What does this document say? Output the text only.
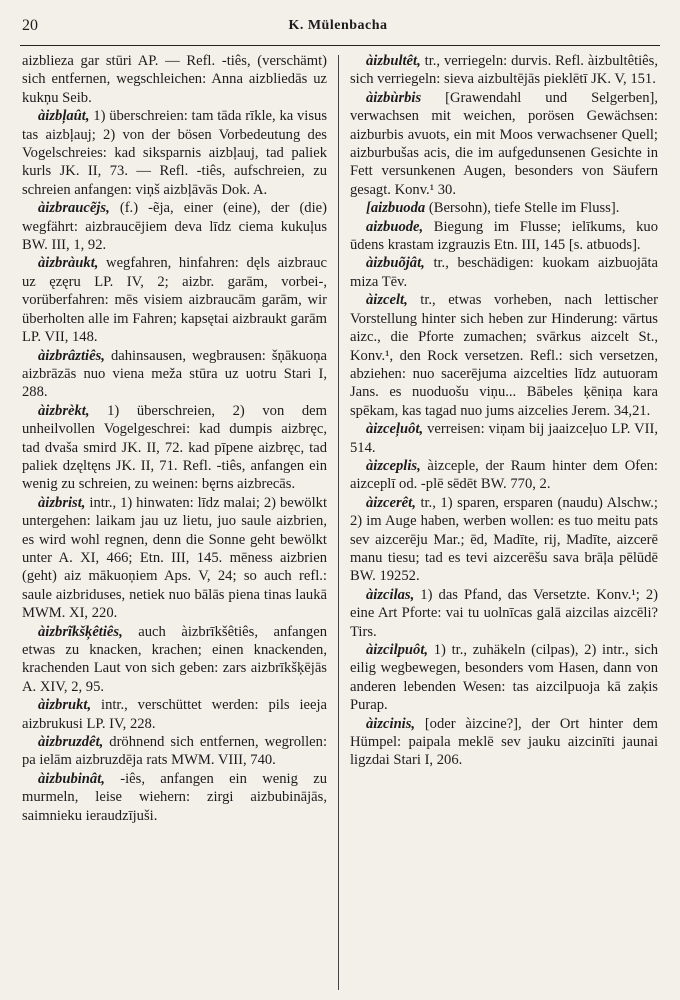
20	K. Mülenbacha

aizblieza gar stūri AP. — Refl. -tiês, (verschämt) sich entfernen, wegschleichen: Anna aizbliedās uz kukņu Seib.

àizbļaût, 1) überschreien: tam tāda rīkle, ka visus tas aizbļauj; 2) von der bösen Vorbedeutung des Vogelschreies: kad siksparnis aizbļauj, tad paliek kurls JK. II, 73. — Refl. -tiês, aufschreien, zu schreien anfangen: viņš aizbļāvās Dok. A.

àizbraucẽjs, (f.) -ẽja, einer (eine), der (die) wegfährt: aizbraucējiem deva līdz ciema kukuļus BW. III, 1, 92.

àizbràukt, wegfahren, hinfahren: dęls aizbrauc uz ęzęru LP. IV, 2; aizbr. garām, vorbei-, vorüberfahren: mēs visiem aizbraucām garām, wir überholten alle im Fahren; kapsętai aizbraukt garām LP. VII, 148.

àizbrâztiês, dahinsausen, wegbrausen: šņākuoņa aizbrāzās nuo viena meža stūra uz uotru Stari I, 288.

àizbrèkt, 1) überschreien, 2) von dem unheilvollen Vogelgeschrei: kad dumpis aizbręc, tad dvaša smird JK. II, 72. kad pīpene aizbręc, tad paliek dzęltęns JK. II, 71. Refl. -tiês, anfangen ein wenig zu schreien, zu weinen: bęrns aizbrecās.

àizbrist, intr., 1) hinwaten: līdz malai; 2) bewölkt untergehen: laikam jau uz lietu, juo saule aizbrien, es wird wohl regnen, denn die Sonne geht bewölkt unter A. XI, 466; Etn. III, 145. mēness aizbrien (geht) aiz mākuoņiem Aps. V, 24; so auch refl.: saule aizbriduses, netiek nuo bālās piena tinas laukā MWM. XI, 220.

àizbrĩkšķêtiês, auch àizbrīkšêtiês, anfangen etwas zu knacken, krachen; einen knackenden, krachenden Laut von sich geben: zars aizbrīkšķējās A. XIV, 2, 95.

àizbrukt, intr., verschüttet werden: pils ieeja aizbrukusi LP. IV, 228.

àizbruzdêt, dröhnend sich entfernen, wegrollen: pa ielām aizbruzdēja rats MWM. VIII, 740.

àizbubinât, -iês, anfangen ein wenig zu murmeln, leise wiehern: zirgi aizbubinājās, saimnieku ieraudzījuši.

àizbultêt, tr., verriegeln: durvis. Refl. àizbultêtiês, sich verriegeln: sieva aizbultējās pieklētī JK. V, 151.

àizbùrbis [Grawendahl und Selgerben], verwachsen mit weichen, porösen Gewächsen: aizburbis avuots, ein mit Moos verwachsener Quell; aizburbušas acis, die im aufgedunsenen Gesichte in Fett versunkenen Augen, besonders von Säufern gesagt. Konv.¹ 30.

[aizbuoda (Bersohn), tiefe Stelle im Fluss].

aizbuode, Biegung im Flusse; ielīkums, kuo ūdens krastam izgrauzis Etn. III, 145 [s. atbuods].

àizbuõjât, tr., beschädigen: kuokam aizbuojāta miza Tēv.

àizcelt, tr., etwas vorheben, nach lettischer Vorstellung hinter sich heben zur Hinderung: vārtus aizc., die Pforte zumachen; svārkus aizcelt St., Konv.¹, den Rock versetzen. Refl.: sich versetzen, abziehen: nuo sacerējuma aizcelties līdz autuoram Jans. es nuoduošu viņu... Bābeles ķēniņa kara spēkam, kas tagad nuo jums aizcelies Jerem. 34,21.

àizceļuôt, verreisen: viņam bij jaaizceļuo LP. VII, 514.

àizceplis, àizceple, der Raum hinter dem Ofen: aizceplī od. -plē sēdēt BW. 770, 2.

àizcerêt, tr., 1) sparen, ersparen (naudu) Alschw.; 2) im Auge haben, werben wollen: es tuo meitu pats sev aizcerēju Mar.; ēd, Madīte, rij, Madīte, aizcerē manu tiesu; tad es tevi aizcerēšu sava brāļa pēlūdē BW. 19252.

àizcilas, 1) das Pfand, das Versetzte. Konv.¹; 2) eine Art Pforte: vai tu uolnīcas galā aizcilas aizcēli? Tirs.

àizcilpuôt, 1) tr., zuhäkeln (cilpas), 2) intr., sich eilig wegbewegen, besonders vom Hasen, dann von anderen lebenden Wesen: tas aizcilpuoja kā zaķis Purap.

àizcinis, [oder àizcine?], der Ort hinter dem Hümpel: paipala meklē sev jauku aizcinīti jaunai ligzdai Stari I, 206.
